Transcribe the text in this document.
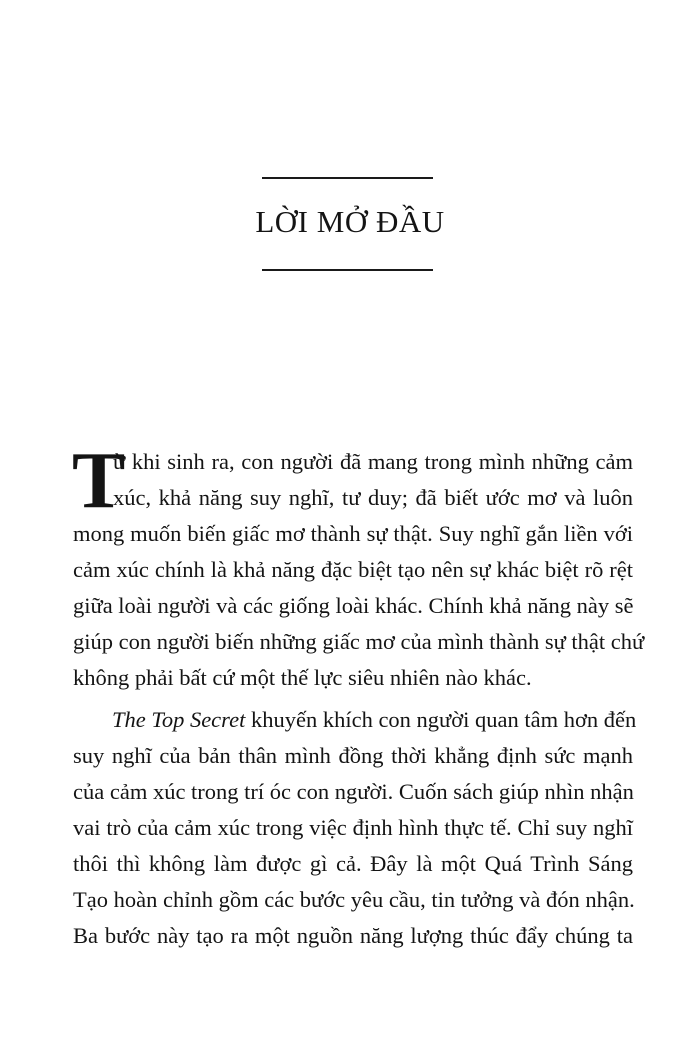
LỜI MỞ ĐẦU
T
ừ khi sinh ra, con người đã mang trong mình những cảm
xúc, khả năng suy nghĩ, tư duy; đã biết ước mơ và luôn
mong muốn biến giấc mơ thành sự thật. Suy nghĩ gắn liền với
cảm xúc chính là khả năng đặc biệt tạo nên sự khác biệt rõ rệt
giữa loài người và các giống loài khác. Chính khả năng này sẽ
giúp con người biến những giấc mơ của mình thành sự thật chứ
không phải bất cứ một thế lực siêu nhiên nào khác.
The Top Secret khuyến khích con người quan tâm hơn đến
suy nghĩ của bản thân mình đồng thời khẳng định sức mạnh
của cảm xúc trong trí óc con người. Cuốn sách giúp nhìn nhận
vai trò của cảm xúc trong việc định hình thực tế. Chỉ suy nghĩ
thôi thì không làm được gì cả. Đây là một Quá Trình Sáng
Tạo hoàn chỉnh gồm các bước yêu cầu, tin tưởng và đón nhận.
Ba bước này tạo ra một nguồn năng lượng thúc đẩy chúng ta
